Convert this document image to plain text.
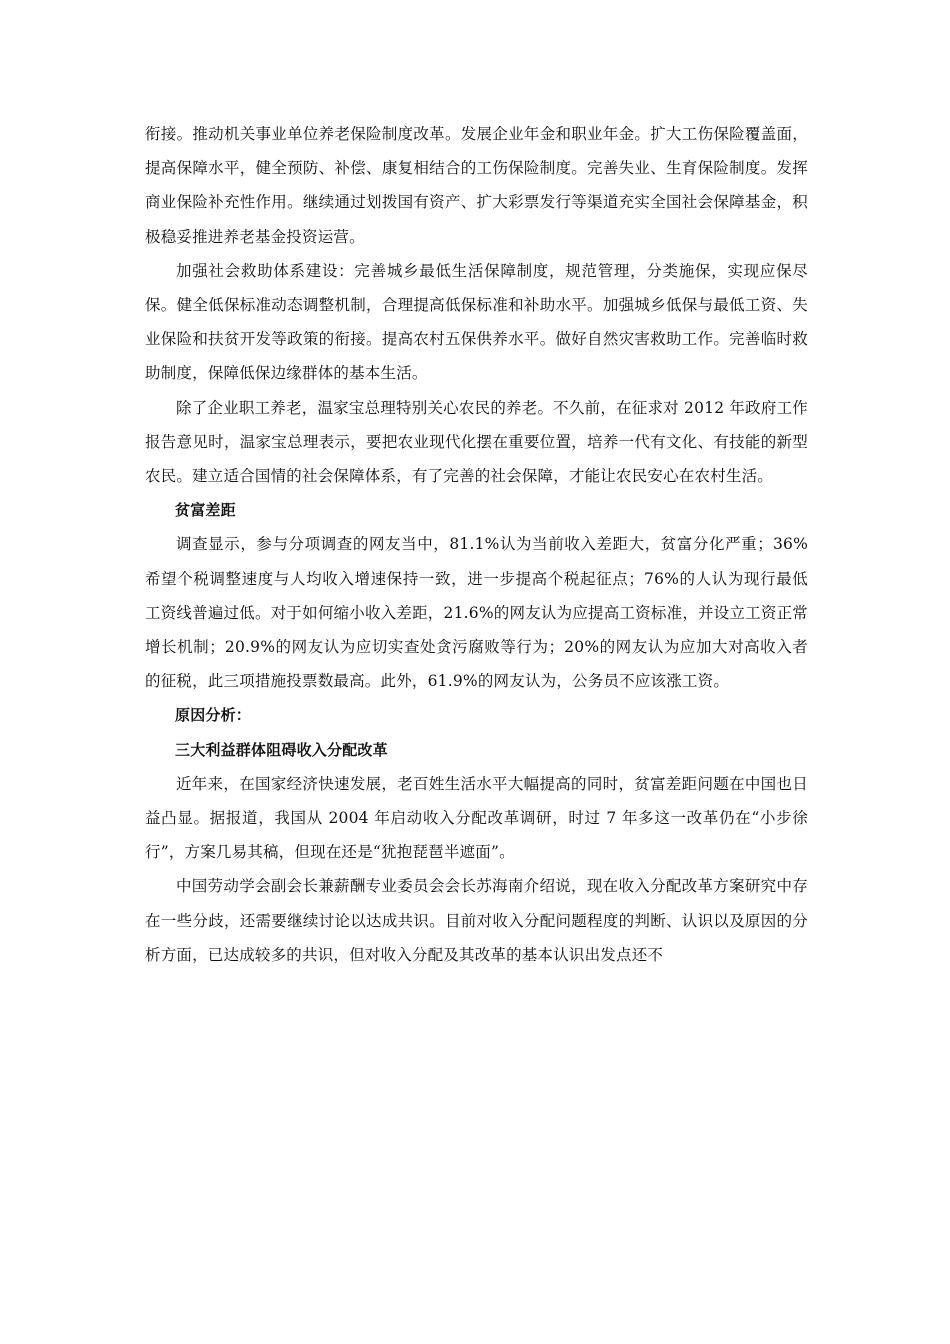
衔接。推动机关事业单位养老保险制度改革。发展企业年金和职业年金。扩大工伤保险覆盖面，提高保障水平，健全预防、补偿、康复相结合的工伤保险制度。完善失业、生育保险制度。发挥商业保险补充性作用。继续通过划拨国有资产、扩大彩票发行等渠道充实全国社会保障基金，积极稳妥推进养老基金投资运营。

加强社会救助体系建设：完善城乡最低生活保障制度，规范管理，分类施保，实现应保尽保。健全低保标准动态调整机制，合理提高低保标准和补助水平。加强城乡低保与最低工资、失业保险和扶贫开发等政策的衔接。提高农村五保供养水平。做好自然灾害救助工作。完善临时救助制度，保障低保边缘群体的基本生活。

除了企业职工养老，温家宝总理特别关心农民的养老。不久前，在征求对 2012 年政府工作报告意见时，温家宝总理表示，要把农业现代化摆在重要位置，培养一代有文化、有技能的新型农民。建立适合国情的社会保障体系，有了完善的社会保障，才能让农民安心在农村生活。

贫富差距

调查显示，参与分项调查的网友当中，81.1%认为当前收入差距大，贫富分化严重；36%希望个税调整速度与人均收入增速保持一致，进一步提高个税起征点；76%的人认为现行最低工资线普遍过低。对于如何缩小收入差距，21.6%的网友认为应提高工资标准，并设立工资正常增长机制；20.9%的网友认为应切实查处贪污腐败等行为；20%的网友认为应加大对高收入者的征税，此三项措施投票数最高。此外，61.9%的网友认为，公务员不应该涨工资。

原因分析：

三大利益群体阻碍收入分配改革

近年来，在国家经济快速发展，老百姓生活水平大幅提高的同时，贫富差距问题在中国也日益凸显。据报道，我国从 2004 年启动收入分配改革调研，时过 7 年多这一改革仍在“小步徐行”，方案几易其稿，但现在还是“犹抱琵琶半遮面”。

中国劳动学会副会长兼薪酬专业委员会会长苏海南介绍说，现在收入分配改革方案研究中存在一些分歧，还需要继续讨论以达成共识。目前对收入分配问题程度的判断、认识以及原因的分析方面，已达成较多的共识，但对收入分配及其改革的基本认识出发点还不
